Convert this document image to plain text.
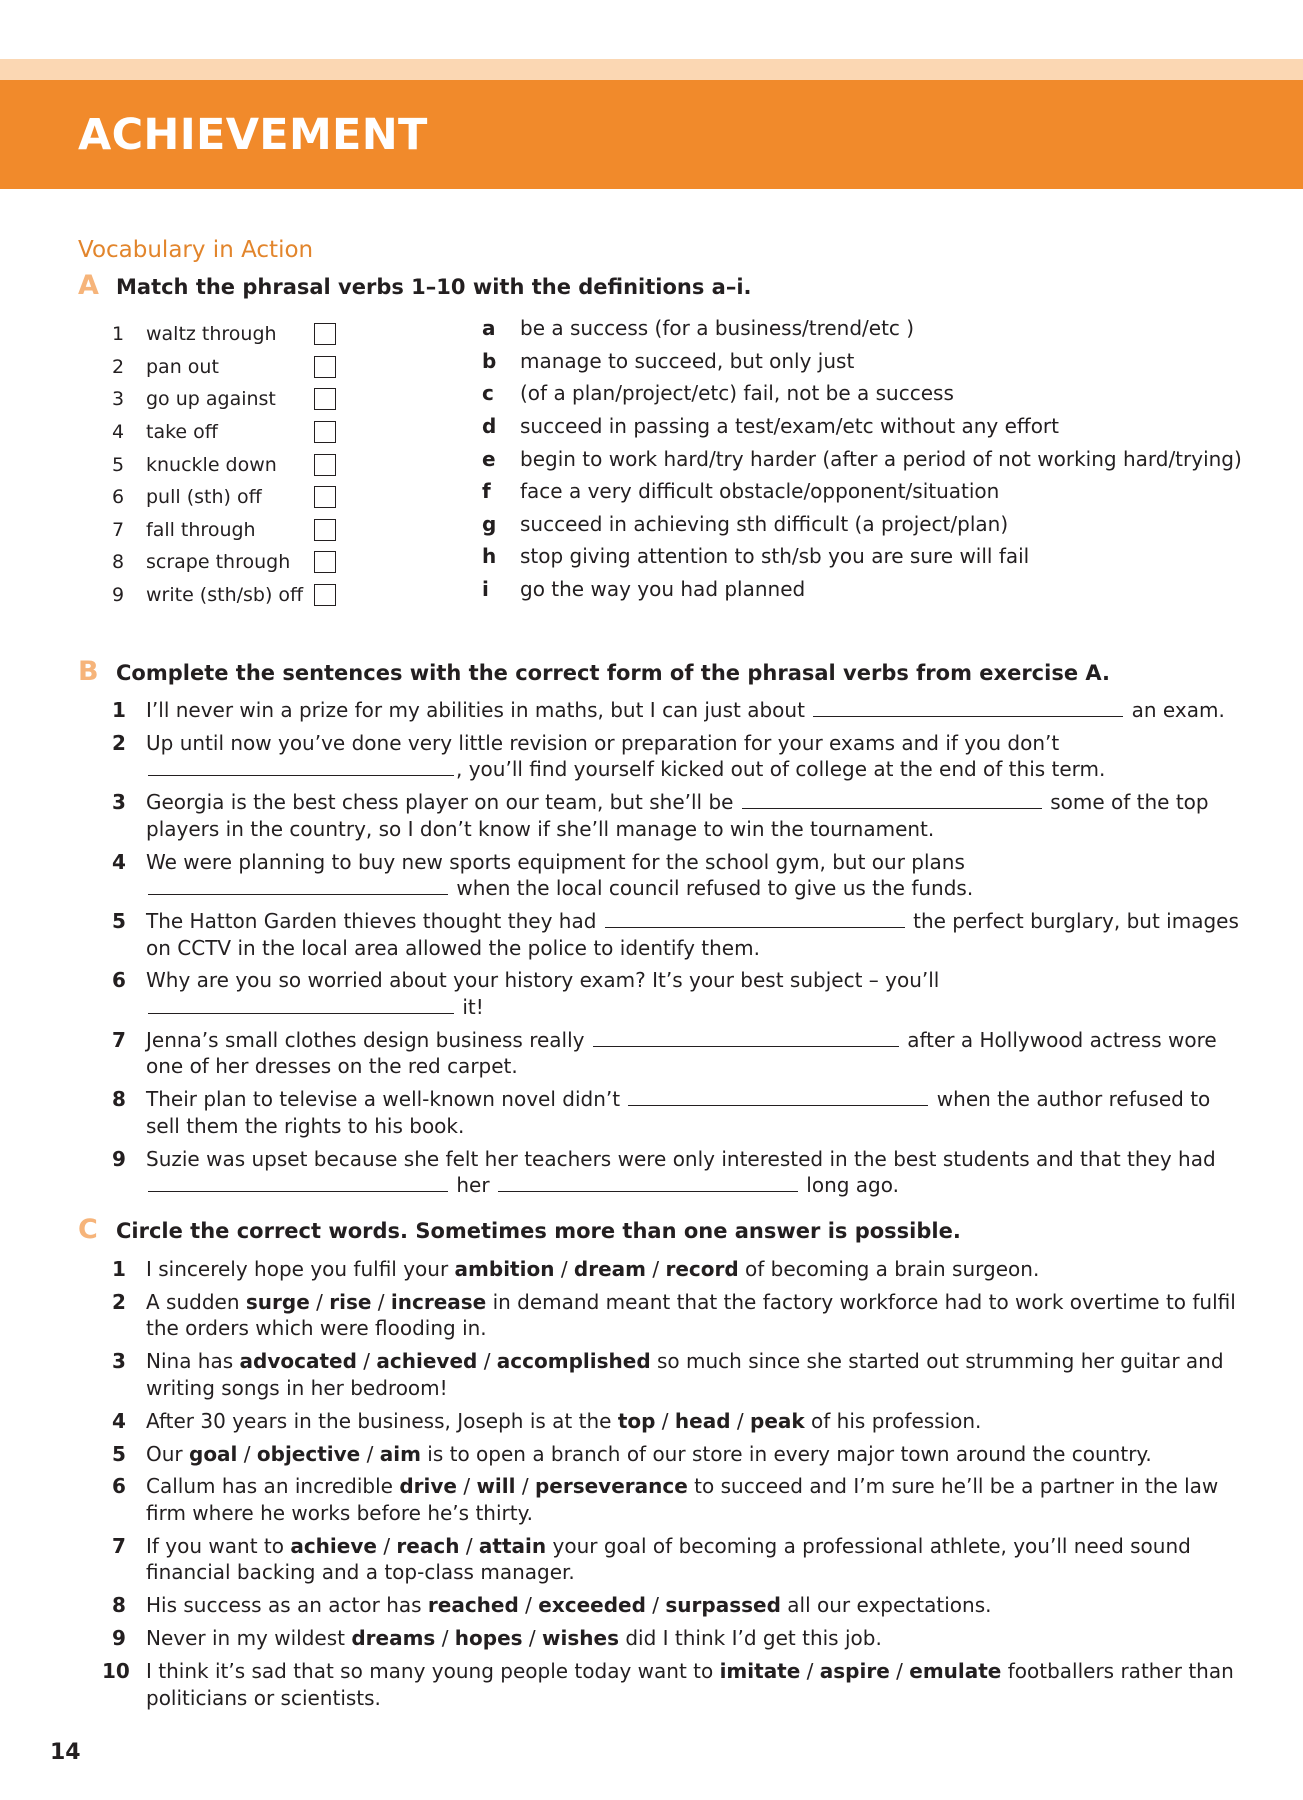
ACHIEVEMENT
Vocabulary in Action
A Match the phrasal verbs 1–10 with the definitions a–i.
1	waltz through
2	pan out
3	go up against
4	take off
5	knuckle down
6	pull (sth) off
7	fall through
8	scrape through
9	write (sth/sb) off
a	be a success (for a business/trend/etc )
b	manage to succeed, but only just
c	(of a plan/project/etc) fail, not be a success
d	succeed in passing a test/exam/etc without any effort
e	begin to work hard/try harder (after a period of not working hard/trying)
f	face a very difficult obstacle/opponent/situation
g	succeed in achieving sth difficult (a project/plan)
h	stop giving attention to sth/sb you are sure will fail
i	go the way you had planned
B Complete the sentences with the correct form of the phrasal verbs from exercise A.
1	I’ll never win a prize for my abilities in maths, but I can just about	an exam.
2	Up until now you’ve done very little revision or preparation for your exams and if you don’t , you’ll find yourself kicked out of college at the end of this term.
3	Georgia is the best chess player on our team, but she’ll be	some of the top players in the country, so I don’t know if she’ll manage to win the tournament.
4	We were planning to buy new sports equipment for the school gym, but our plans  when the local council refused to give us the funds.
5	The Hatton Garden thieves thought they had	the perfect burglary, but images on CCTV in the local area allowed the police to identify them.
6	Why are you so worried about your history exam? It’s your best subject – you’ll  it!
7	Jenna’s small clothes design business really	after a Hollywood actress wore one of her dresses on the red carpet.
8	Their plan to televise a well-known novel didn’t	when the author refused to sell them the rights to his book.
9	Suzie was upset because she felt her teachers were only interested in the best students and that they had  her	long ago.
C Circle the correct words. Sometimes more than one answer is possible.
1	I sincerely hope you fulfil your ambition / dream / record of becoming a brain surgeon.
2	A sudden surge / rise / increase in demand meant that the factory workforce had to work overtime to fulfil the orders which were flooding in.
3	Nina has advocated / achieved / accomplished so much since she started out strumming her guitar and writing songs in her bedroom!
4	After 30 years in the business, Joseph is at the top / head / peak of his profession.
5	Our goal / objective / aim is to open a branch of our store in every major town around the country.
6	Callum has an incredible drive / will / perseverance to succeed and I’m sure he’ll be a partner in the law firm where he works before he’s thirty.
7	If you want to achieve / reach / attain your goal of becoming a professional athlete, you’ll need sound financial backing and a top-class manager.
8	His success as an actor has reached / exceeded / surpassed all our expectations.
9	Never in my wildest dreams / hopes / wishes did I think I’d get this job.
10 I think it’s sad that so many young people today want to imitate / aspire / emulate footballers rather than politicians or scientists.
14
